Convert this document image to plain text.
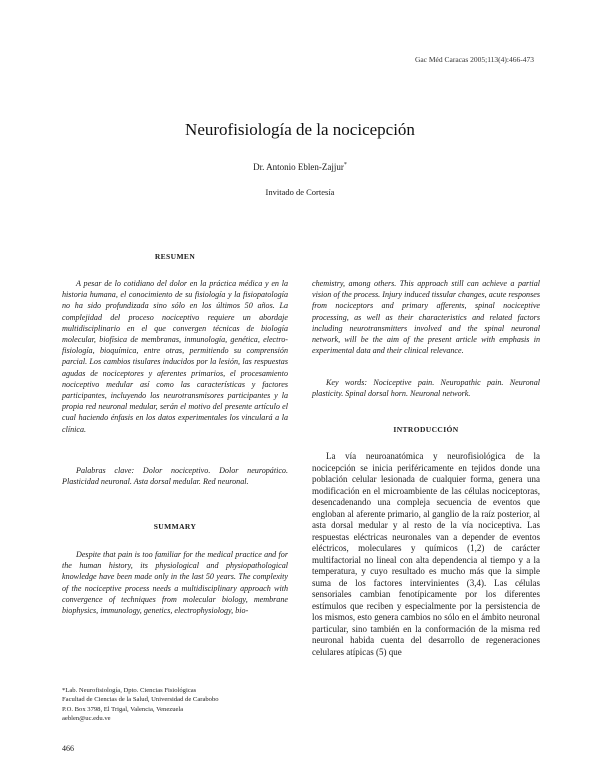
Gac Méd Caracas 2005;113(4):466-473
Neurofisiología de la nocicepción
Dr. Antonio Eblen-Zajjur*
Invitado de Cortesía
RESUMEN

A pesar de lo cotidiano del dolor en la práctica médica y en la historia humana, el conocimiento de su fisiología y la fisiopatología no ha sido profundizada sino sólo en los últimos 50 años. La complejidad del proceso nociceptivo requiere un abordaje multidisciplinario en el que convergen técnicas de biología molecular, biofísica de membranas, inmunología, genética, electro-fisiología, bioquímica, entre otras, permitiendo su comprensión parcial. Los cambios tisulares inducidos por la lesión, las respuestas agudas de nociceptores y aferentes primarios, el procesamiento nociceptivo medular así como las características y factores participantes, incluyendo los neurotransmisores participantes y la propia red neuronal medular, serán el motivo del presente artículo el cual haciendo énfasis en los datos experimentales los vinculará a la clínica.

Palabras clave: Dolor nociceptivo. Dolor neuropático. Plasticidad neuronal. Asta dorsal medular. Red neuronal.

SUMMARY

Despite that pain is too familiar for the medical practice and for the human history, its physiological and physiopathological knowledge have been made only in the last 50 years. The complexity of the nociceptive process needs a multidisciplinary approach with convergence of techniques from molecular biology, membrane biophysics, immunology, genetics, electrophysiology, bio-

chemistry, among others. This approach still can achieve a partial vision of the process. Injury induced tissular changes, acute responses from nociceptors and primary afferents, spinal nociceptive processing, as well as their characteristics and related factors including neurotransmitters involved and the spinal neuronal network, will be the aim of the present article with emphasis in experimental data and their clinical relevance.

Key words: Nociceptive pain. Neuropathic pain. Neuronal plasticity. Spinal dorsal horn. Neuronal network.

INTRODUCCIÓN

La vía neuroanatómica y neurofisiológica de la nocicepción se inicia periféricamente en tejidos donde una población celular lesionada de cualquier forma, genera una modificación en el microambiente de las células nociceptoras, desencadenando una compleja secuencia de eventos que engloban al aferente primario, al ganglio de la raíz posterior, al asta dorsal medular y al resto de la vía nociceptiva. Las respuestas eléctricas neuronales van a depender de eventos eléctricos, moleculares y químicos (1,2) de carácter multifactorial no lineal con alta dependencia al tiempo y a la temperatura, y cuyo resultado es mucho más que la simple suma de los factores intervinientes (3,4). Las células sensoriales cambian fenotípicamente por los diferentes estímulos que reciben y especialmente por la persistencia de los mismos, esto genera cambios no sólo en el ámbito neuronal particular, sino también en la conformación de la misma red neuronal habida cuenta del desarrollo de regeneraciones celulares atípicas (5) que

*Lab. Neurofisiología, Dpto. Ciencias Fisiológicas
Facultad de Ciencias de la Salud, Universidad de Carabobo
P.O. Box 3798, El Trigal, Valencia, Venezuela
aeblen@uc.edu.ve
466
